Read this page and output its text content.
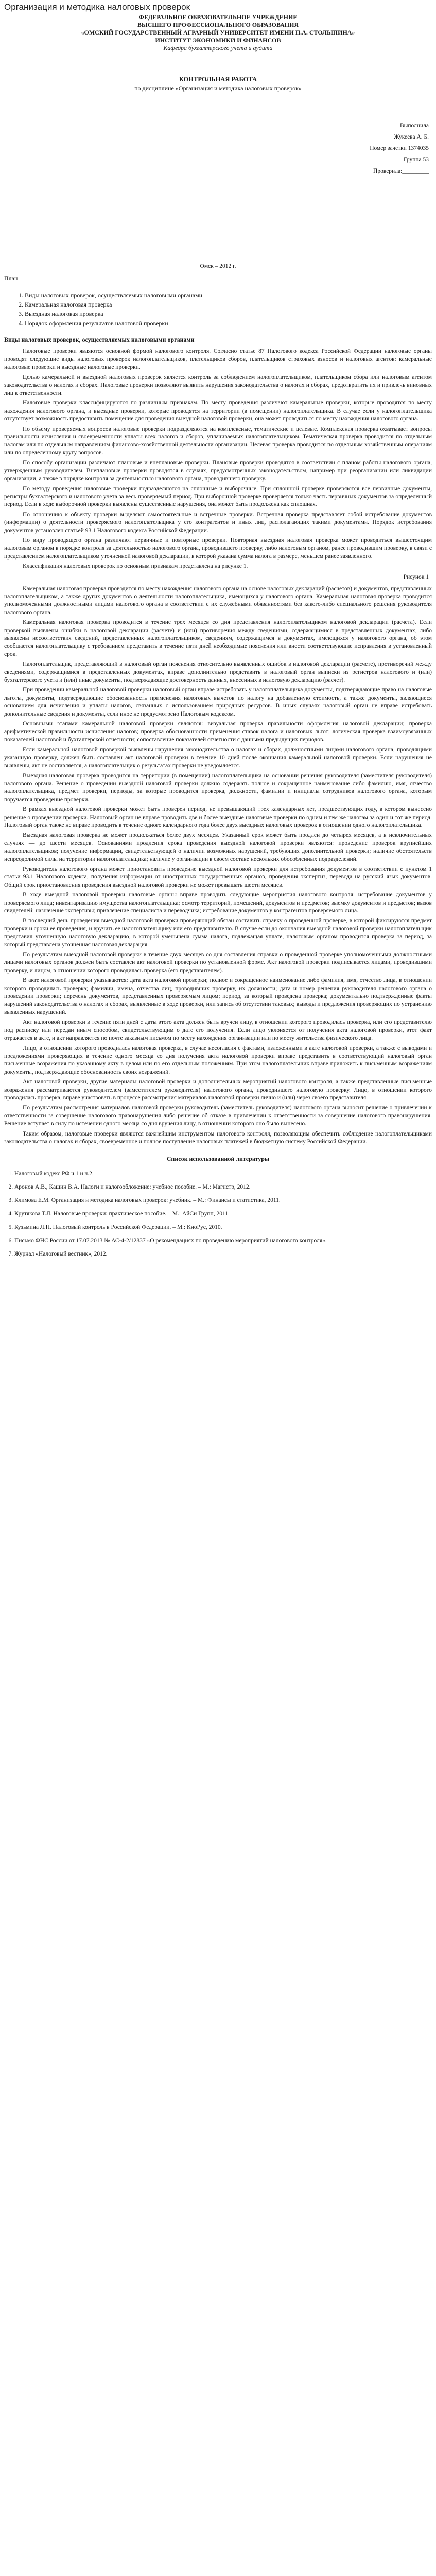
Организация и методика налоговых проверок
ФЕДЕРАЛЬНОЕ ОБРАЗОВАТЕЛЬНОЕ УЧРЕЖДЕНИЕ
ВЫСШЕГО ПРОФЕССИОНАЛЬНОГО ОБРАЗОВАНИЯ
«ОМСКИЙ ГОСУДАРСТВЕННЫЙ АГРАРНЫЙ УНИВЕРСИТЕТ ИМЕНИ П.А. СТОЛЫПИНА»
ИНСТИТУТ ЭКОНОМИКИ И ФИНАНСОВ
Кафедра бухгалтерского учета и аудита
КОНТРОЛЬНАЯ РАБОТА
по дисциплине «Организация и методика налоговых проверок»
Выполнила
Жукеева А. Б.
Номер зачетки 1374035
Группа 53
Проверила:_________
Омск – 2012 г.
План
1. Виды налоговых проверок, осуществляемых налоговыми органами
2. Камеральная налоговая проверка
3. Выездная налоговая проверка
4. Порядок оформления результатов налоговой проверки
Виды налоговых проверок, осуществляемых налоговыми органами

Налоговые проверки являются основной формой налогового контроля. Согласно статье 87 Налогового кодекса Российской Федерации налоговые органы проводят следующие виды налоговых проверок налогоплательщиков, плательщиков сборов, плательщиков страховых взносов и налоговых агентов: камеральные налоговые проверки и выездные налоговые проверки.

Целью камеральной и выездной налоговых проверок является контроль за соблюдением налогоплательщиком, плательщиком сбора или налоговым агентом законодательства о налогах и сборах. Налоговые проверки позволяют выявить нарушения законодательства о налогах и сборах, предотвратить их и привлечь виновных лиц к ответственности.

Налоговые проверки классифицируются по различным признакам. По месту проведения различают камеральные проверки, которые проводятся по месту нахождения налогового органа, и выездные проверки, которые проводятся на территории (в помещении) налогоплательщика. В случае если у налогоплательщика отсутствует возможность предоставить помещение для проведения выездной налоговой проверки, она может проводиться по месту нахождения налогового органа.

По объему проверяемых вопросов налоговые проверки подразделяются на комплексные, тематические и целевые. Комплексная проверка охватывает вопросы правильности исчисления и своевременности уплаты всех налогов и сборов, уплачиваемых налогоплательщиком. Тематическая проверка проводится по отдельным налогам или по отдельным направлениям финансово-хозяйственной деятельности организации. Целевая проверка проводится по отдельным хозяйственным операциям или по определенному кругу вопросов.

По способу организации различают плановые и внеплановые проверки. Плановые проверки проводятся в соответствии с планом работы налогового органа, утвержденным руководителем. Внеплановые проверки проводятся в случаях, предусмотренных законодательством, например при реорганизации или ликвидации организации, а также в порядке контроля за деятельностью налогового органа, проводившего проверку.

По методу проведения налоговые проверки подразделяются на сплошные и выборочные. При сплошной проверке проверяются все первичные документы, регистры бухгалтерского и налогового учета за весь проверяемый период. При выборочной проверке проверяется только часть первичных документов за определенный период. Если в ходе выборочной проверки выявлены существенные нарушения, она может быть продолжена как сплошная.

По отношению к объекту проверки выделяют самостоятельные и встречные проверки. Встречная проверка представляет собой истребование документов (информации) о деятельности проверяемого налогоплательщика у его контрагентов и иных лиц, располагающих такими документами. Порядок истребования документов установлен статьей 93.1 Налогового кодекса Российской Федерации.

По виду проводящего органа различают первичные и повторные проверки. Повторная выездная налоговая проверка может проводиться вышестоящим налоговым органом в порядке контроля за деятельностью налогового органа, проводившего проверку, либо налоговым органом, ранее проводившим проверку, в связи с представлением налогоплательщиком уточненной налоговой декларации, в которой указана сумма налога в размере, меньшем ранее заявленного.

Классификация налоговых проверок по основным признакам представлена на рисунке 1.

Рисунок 1

Камеральная налоговая проверка проводится по месту нахождения налогового органа на основе налоговых деклараций (расчетов) и документов, представленных налогоплательщиком, а также других документов о деятельности налогоплательщика, имеющихся у налогового органа. Камеральная налоговая проверка проводится уполномоченными должностными лицами налогового органа в соответствии с их служебными обязанностями без какого-либо специального решения руководителя налогового органа.

Камеральная налоговая проверка проводится в течение трех месяцев со дня представления налогоплательщиком налоговой декларации (расчета). Если проверкой выявлены ошибки в налоговой декларации (расчете) и (или) противоречия между сведениями, содержащимися в представленных документах, либо выявлены несоответствия сведений, представленных налогоплательщиком, сведениям, содержащимся в документах, имеющихся у налогового органа, об этом сообщается налогоплательщику с требованием представить в течение пяти дней необходимые пояснения или внести соответствующие исправления в установленный срок.

Налогоплательщик, представляющий в налоговый орган пояснения относительно выявленных ошибок в налоговой декларации (расчете), противоречий между сведениями, содержащимися в представленных документах, вправе дополнительно представить в налоговый орган выписки из регистров налогового и (или) бухгалтерского учета и (или) иные документы, подтверждающие достоверность данных, внесенных в налоговую декларацию (расчет).

При проведении камеральной налоговой проверки налоговый орган вправе истребовать у налогоплательщика документы, подтверждающие право на налоговые льготы, документы, подтверждающие обоснованность применения налоговых вычетов по налогу на добавленную стоимость, а также документы, являющиеся основанием для исчисления и уплаты налогов, связанных с использованием природных ресурсов. В иных случаях налоговый орган не вправе истребовать дополнительные сведения и документы, если иное не предусмотрено Налоговым кодексом.

Основными этапами камеральной налоговой проверки являются: визуальная проверка правильности оформления налоговой декларации; проверка арифметической правильности исчисления налогов; проверка обоснованности применения ставок налога и налоговых льгот; логическая проверка взаимоувязанных показателей налоговой и бухгалтерской отчетности; сопоставление показателей отчетности с данными предыдущих периодов.

Если камеральной налоговой проверкой выявлены нарушения законодательства о налогах и сборах, должностными лицами налогового органа, проводящими указанную проверку, должен быть составлен акт налоговой проверки в течение 10 дней после окончания камеральной налоговой проверки. Если нарушения не выявлены, акт не составляется, а налогоплательщик о результатах проверки не уведомляется.

Выездная налоговая проверка проводится на территории (в помещении) налогоплательщика на основании решения руководителя (заместителя руководителя) налогового органа. Решение о проведении выездной налоговой проверки должно содержать полное и сокращенное наименование либо фамилию, имя, отчество налогоплательщика, предмет проверки, периоды, за которые проводится проверка, должности, фамилии и инициалы сотрудников налогового органа, которым поручается проведение проверки.

В рамках выездной налоговой проверки может быть проверен период, не превышающий трех календарных лет, предшествующих году, в котором вынесено решение о проведении проверки. Налоговый орган не вправе проводить две и более выездные налоговые проверки по одним и тем же налогам за один и тот же период. Налоговый орган также не вправе проводить в течение одного календарного года более двух выездных налоговых проверок в отношении одного налогоплательщика.

Выездная налоговая проверка не может продолжаться более двух месяцев. Указанный срок может быть продлен до четырех месяцев, а в исключительных случаях — до шести месяцев. Основаниями продления срока проведения выездной налоговой проверки являются: проведение проверок крупнейших налогоплательщиков; получение информации, свидетельствующей о наличии возможных нарушений, требующих дополнительной проверки; наличие обстоятельств непреодолимой силы на территории налогоплательщика; наличие у организации в своем составе нескольких обособленных подразделений.

Руководитель налогового органа может приостановить проведение выездной налоговой проверки для истребования документов в соответствии с пунктом 1 статьи 93.1 Налогового кодекса, получения информации от иностранных государственных органов, проведения экспертиз, перевода на русский язык документов. Общий срок приостановления проведения выездной налоговой проверки не может превышать шести месяцев.

В ходе выездной налоговой проверки налоговые органы вправе проводить следующие мероприятия налогового контроля: истребование документов у проверяемого лица; инвентаризацию имущества налогоплательщика; осмотр территорий, помещений, документов и предметов; выемку документов и предметов; вызов свидетелей; назначение экспертизы; привлечение специалиста и переводчика; истребование документов у контрагентов проверяемого лица.

В последний день проведения выездной налоговой проверки проверяющий обязан составить справку о проведенной проверке, в которой фиксируются предмет проверки и сроки ее проведения, и вручить ее налогоплательщику или его представителю. В случае если до окончания выездной налоговой проверки налогоплательщик представил уточненную налоговую декларацию, в которой уменьшена сумма налога, подлежащая уплате, налоговым органом проводится проверка за период, за который представлена уточненная налоговая декларация.

По результатам выездной налоговой проверки в течение двух месяцев со дня составления справки о проведенной проверке уполномоченными должностными лицами налоговых органов должен быть составлен акт налоговой проверки по установленной форме. Акт налоговой проверки подписывается лицами, проводившими проверку, и лицом, в отношении которого проводилась проверка (его представителем).

В акте налоговой проверки указываются: дата акта налоговой проверки; полное и сокращенное наименование либо фамилия, имя, отчество лица, в отношении которого проводилась проверка; фамилии, имена, отчества лиц, проводивших проверку, их должности; дата и номер решения руководителя налогового органа о проведении проверки; перечень документов, представленных проверяемым лицом; период, за который проведена проверка; документально подтвержденные факты нарушений законодательства о налогах и сборах, выявленные в ходе проверки, или запись об отсутствии таковых; выводы и предложения проверяющих по устранению выявленных нарушений.

Акт налоговой проверки в течение пяти дней с даты этого акта должен быть вручен лицу, в отношении которого проводилась проверка, или его представителю под расписку или передан иным способом, свидетельствующим о дате его получения. Если лицо уклоняется от получения акта налоговой проверки, этот факт отражается в акте, и акт направляется по почте заказным письмом по месту нахождения организации или по месту жительства физического лица.

Лицо, в отношении которого проводилась налоговая проверка, в случае несогласия с фактами, изложенными в акте налоговой проверки, а также с выводами и предложениями проверяющих в течение одного месяца со дня получения акта налоговой проверки вправе представить в соответствующий налоговый орган письменные возражения по указанному акту в целом или по его отдельным положениям. При этом налогоплательщик вправе приложить к письменным возражениям документы, подтверждающие обоснованность своих возражений.

Акт налоговой проверки, другие материалы налоговой проверки и дополнительных мероприятий налогового контроля, а также представленные письменные возражения рассматриваются руководителем (заместителем руководителя) налогового органа, проводившего налоговую проверку. Лицо, в отношении которого проводилась проверка, вправе участвовать в процессе рассмотрения материалов налоговой проверки лично и (или) через своего представителя.

По результатам рассмотрения материалов налоговой проверки руководитель (заместитель руководителя) налогового органа выносит решение о привлечении к ответственности за совершение налогового правонарушения либо решение об отказе в привлечении к ответственности за совершение налогового правонарушения. Решение вступает в силу по истечении одного месяца со дня вручения лицу, в отношении которого оно было вынесено.

Таким образом, налоговые проверки являются важнейшим инструментом налогового контроля, позволяющим обеспечить соблюдение налогоплательщиками законодательства о налогах и сборах, своевременное и полное поступление налоговых платежей в бюджетную систему Российской Федерации.

Список использованной литературы
1. Налоговый кодекс РФ ч.1 и ч.2.
2. Аронов А.В., Кашин В.А. Налоги и налогообложение: учебное пособие. – М.: Магистр, 2012.
3. Климова Е.М. Организация и методика налоговых проверок: учебник. – М.: Финансы и статистика, 2011.
4. Крутякова Т.Л. Налоговые проверки: практическое пособие. – М.: АйСи Групп, 2011.
5. Кузьмина Л.П. Налоговый контроль в Российской Федерации. – М.: КноРус, 2010.
6. Письмо ФНС России от 17.07.2013 № АС-4-2/12837 «О рекомендациях по проведению мероприятий налогового контроля».
7. Журнал «Налоговый вестник», 2012.
